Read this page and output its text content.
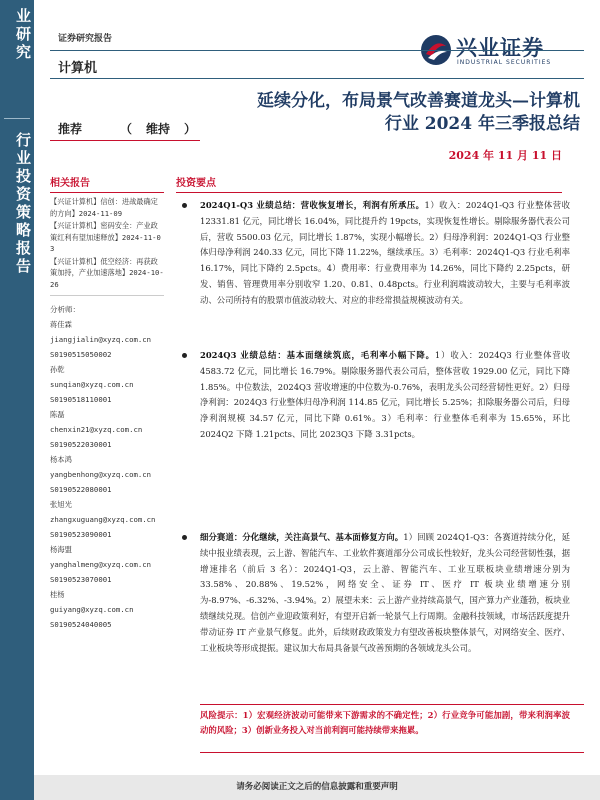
业研究
行业投资策略报告
证券研究报告	兴业证券
INDUSTRIAL SECURITIES
计算机
延续分化，布局景气改善赛道龙头—计算机
行业 2024 年三季报总结
推荐	（ 维持 ）
2024 年 11 月 11 日
相关报告
【兴证计算机】信创：进战最确定的方向】2024-11-09
【兴证计算机】密码安全：产业政策红利有望加速释放】2024-11-03
【兴证计算机】低空经济：再获政策加持，产业加速落地】2024-10-26
分析师：
蒋佳霖
jiangjialin@xyzq.com.cn
S0190515050002
孙乾
sunqian@xyzq.com.cn
S0190518110001
陈磊
chenxin21@xyzq.com.cn
S0190522030001
杨本鸿
yangbenhong@xyzq.com.cn
S0190522080001
张旭光
zhangxuguang@xyzq.com.cn
S0190523090001
杨海盟
yanghalmeng@xyzq.com.cn
S0190523070001
桂杨
guiyang@xyzq.com.cn
S0190524040005
投资要点
2024Q1-Q3 业绩总结：营收恢复增长，利润有所承压。1）收入：2024Q1-Q3 行业整体营收 12331.81 亿元，同比增长 16.04%，同比提升约 19pcts，实现恢复性增长。剔除服务器代表公司后，营收 5500.03 亿元，同比增长 1.87%，实现小幅增长。2）归母净利润：2024Q1-Q3 行业整体归母净利润 240.33 亿元，同比下降 11.22%，继续承压。3）毛利率：2024Q1-Q3 行业毛利率 16.17%，同比下降约 2.5pcts。4）费用率：行业费用率为 14.26%，同比下降约 2.25pcts，研发、销售、管理费用率分别收窄 1.20、0.81、0.48pcts。行业利润端波动较大，主要与毛利率波动、公司所持有的股票市值波动较大、对应的非经常损益规模波动有关。
2024Q3 业绩总结：基本面继续筑底，毛利率小幅下降。1）收入：2024Q3 行业整体营收 4583.72 亿元，同比增长 16.79%。剔除服务器代表公司后，整体营收 1929.00 亿元，同比下降 1.85%。中位数法，2024Q3 营收增速的中位数为-0.76%，表明龙头公司经营韧性更好。2）归母净利润：2024Q3 行业整体归母净利润 114.85 亿元，同比增长 5.25%；扣除服务器公司后，归母净利润规模 34.57 亿元，同比下降 0.61%。3）毛利率：行业整体毛利率为 15.65%，环比 2024Q2 下降 1.21pcts、同比 2023Q3 下降 3.31pcts。
细分赛道：分化继续，关注高景气、基本面修复方向。1）回顾 2024Q1-Q3：各赛道持续分化，延续中报业绩表现，云上游、智能汽车、工业软件赛道部分公司成长性较好，龙头公司经营韧性强，据增速排名（前后 3 名）：2024Q1-Q3，云上游、智能汽车、工业互联板块业绩增速分别为 33.58%、20.88%、19.52%，网络安全、证券 IT、医疗 IT 板块业绩增速分别为-8.97%、-6.32%、-3.94%。2）展望未来：云上游产业持续高景气，国产算力产业蓬勃，板块业绩继续兑现。信创产业迎政策利好，有望开启新一轮景气上行周期。金融科技领域，市场活跃度提升带动证券 IT 产业景气修复。此外，后续财政政策发力有望改善板块整体景气，对网络安全、医疗、工业板块等形成提振。建议加大布局具备景气改善预期的各领域龙头公司。
风险提示：1）宏观经济波动可能带来下游需求的不确定性；2）行业竞争可能加剧，带来利润率波动的风险；3）创新业务投入对当前利润可能持续带来拖累。
请务必阅读正文之后的信息披露和重要声明
